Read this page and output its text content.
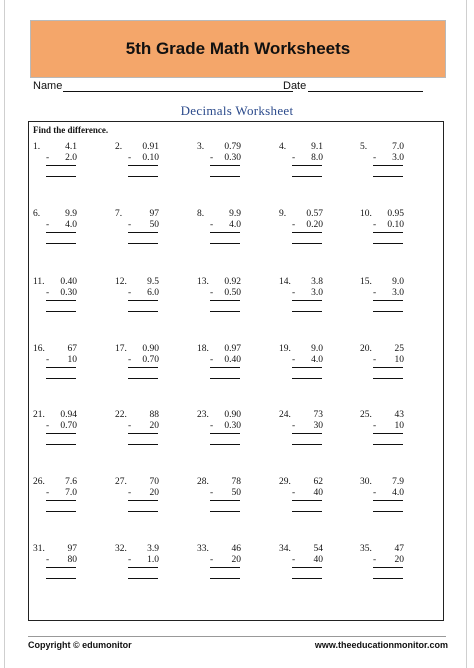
5th Grade Math Worksheets
Name	Date
Decimals Worksheet
Find the difference.
1.	4.1
-	2.0
2.	0.91
-	0.10
3.	0.79
-	0.30
4.	9.1
-	8.0
5.	7.0
-	3.0
6.	9.9
-	4.0
7.	97
-	50
8.	9.9
-	4.0
9.	0.57
-	0.20
10.	0.95
-	0.10
11.	0.40
-	0.30
12.	9.5
-	6.0
13.	0.92
-	0.50
14.	3.8
-	3.0
15.	9.0
-	3.0
16.	67
-	10
17.	0.90
-	0.70
18.	0.97
-	0.40
19.	9.0
-	4.0
20.	25
-	10
21.	0.94
-	0.70
22.	88
-	20
23.	0.90
-	0.30
24.	73
-	30
25.	43
-	10
26.	7.6
-	7.0
27.	70
-	20
28.	78
-	50
29.	62
-	40
30.	7.9
-	4.0
31.	97
-	80
32.	3.9
-	1.0
33.	46
-	20
34.	54
-	40
35.	47
-	20
Copyright © edumonitor	www.theeducationmonitor.com
